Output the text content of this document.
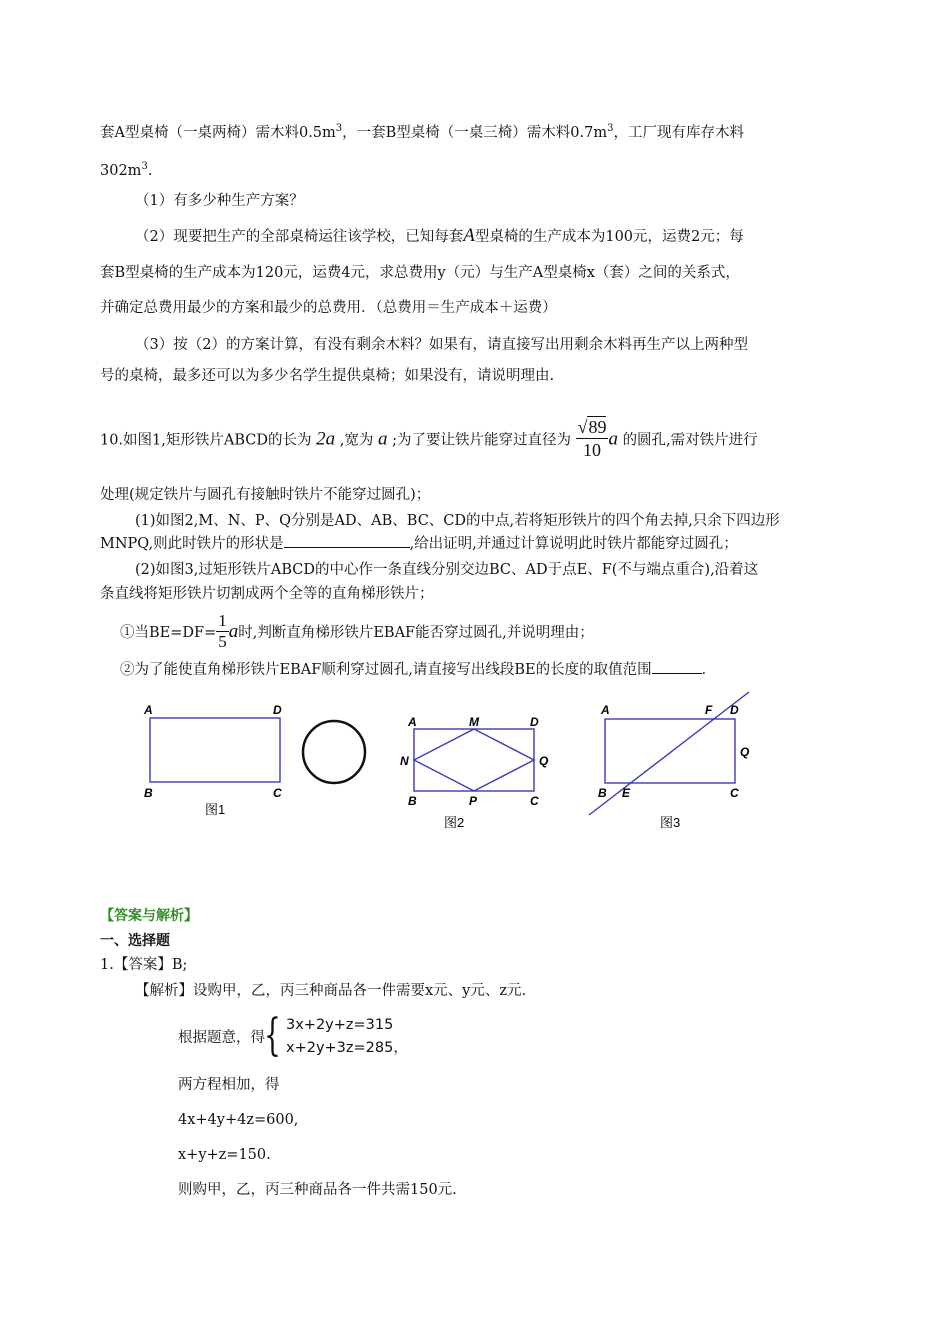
套A型桌椅（一桌两椅）需木料$0.5m^3$，一套B型桌椅（一桌三椅）需木料$0.7m^3$，工厂现有库存木料
$302m^3$.
（1）有多少种生产方案？
（2）现要把生产的全部桌椅运往该学校，已知每套A型桌椅的生产成本为100元，运费2元；每
套B型桌椅的生产成本为120元，运费4元，求总费用y（元）与生产A型桌椅x（套）之间的关系式，
并确定总费用最少的方案和最少的总费用．（总费用＝生产成本＋运费）
（3）按（2）的方案计算，有没有剩余木料？如果有，请直接写出用剩余木料再生产以上两种型
号的桌椅，最多还可以为多少名学生提供桌椅；如果没有，请说明理由.
10.如图1,矩形铁片ABCD的长为 2a ,宽为 a ;为了要让铁片能穿过直径为 $\frac{√89}{10}$ a 的圆孔,需对铁片进行
处理(规定铁片与圆孔有接触时铁片不能穿过圆孔)；
(1)如图2,M、N、P、Q分别是AD、AB、BC、CD的中点,若将矩形铁片的四个角去掉,只余下四边形
MNPQ,则此时铁片的形状是	,给出证明,并通过计算说明此时铁片都能穿过圆孔；
(2)如图3,过矩形铁片ABCD的中心作一条直线分别交边BC、AD于点E、F(不与端点重合),沿着这
条直线将矩形铁片切割成两个全等的直角梯形铁片；
①当$BE=DF= \frac{1}{5}$ a时,判断直角梯形铁片EBAF能否穿过圆孔,并说明理由；
②为了能使直角梯形铁片EBAF顺利穿过圆孔,请直接写出线段BE的长度的取值范围	．
A	D
B	C
图1
A	M	D
N	Q
B	P	C
图2
A	F D
Q
B E	C
图3
【答案与解析】
一、选择题
1.【答案】B;
【解析】设购甲，乙，丙三种商品各一件需要x元、y元、z元.
根据题意，得 { 3x+2y+z=315
x+2y+3z=285，
两方程相加，得
4x+4y+4z=600,
x+y+z=150.
则购甲，乙，丙三种商品各一件共需150元.
